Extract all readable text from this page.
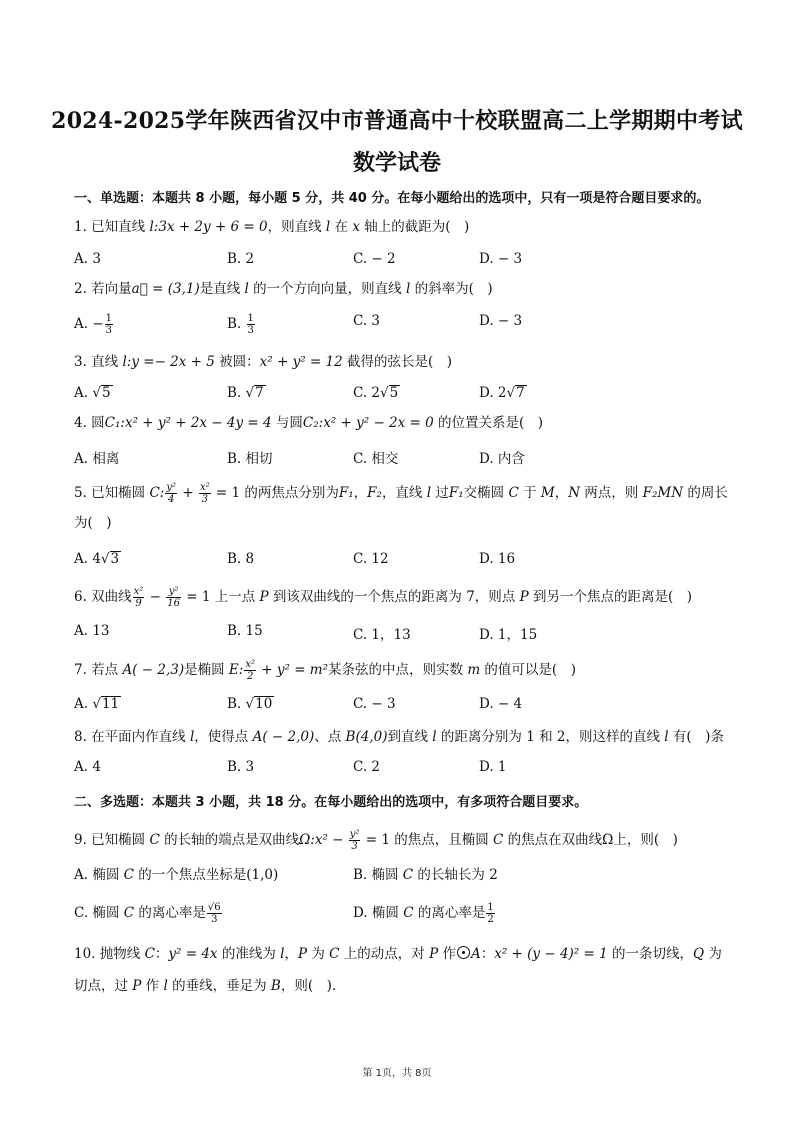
2024-2025学年陕西省汉中市普通高中十校联盟高二上学期期中考试
数学试卷
一、单选题：本题共 8 小题，每小题 5 分，共 40 分。在每小题给出的选项中，只有一项是符合题目要求的。
1. 已知直线 l:3x + 2y + 6 = 0，则直线 l 在 x 轴上的截距为(　)
A. 3	B. 2	C. − 2	D. − 3
2. 若向量a⃗ = (3,1)是直线 l 的一个方向向量，则直线 l 的斜率为(　)
A. − $\frac{1}{3}$	B. $\frac{1}{3}$	C. 3	D. − 3
3. 直线 l:y =− 2x + 5 被圆：x² + y² = 12 截得的弦长是(　)
A. √5	B. √7	C. 2√5	D. 2√7
4. 圆C₁:x² + y² + 2x − 4y = 4 与圆C₂:x² + y² − 2x = 0 的位置关系是(　)
A. 相离	B. 相切	C. 相交	D. 内含
5. 已知椭圆 C: $\frac{\text{y²}}{4} + \frac{\text{x²}}{3} = 1$ 的两焦点分别为F₁，F₂，直线 l 过F₁交椭圆 C 于 M，N 两点，则 F₂MN 的周长为(　)
A. 4√3	B. 8	C. 12	D. 16
6. 双曲线 $\frac{\text{x²}}{9} - \frac{\text{y²}}{16} = 1$ 上一点 P 到该双曲线的一个焦点的距离为 7，则点 P 到另一个焦点的距离是(　)
A. 13	B. 15	C. 1，13	D. 1，15
7. 若点 A( − 2,3)是椭圆 E: $\frac{\text{x²}}{2} + y^2 = m^2$某条弦的中点，则实数 m 的值可以是(　)
A. √11	B. √10	C. − 3	D. − 4
8. 在平面内作直线 l，使得点 A( − 2,0)、点 B(4,0)到直线 l 的距离分别为 1 和 2，则这样的直线 l 有(　)条
A. 4	B. 3	C. 2	D. 1
二、多选题：本题共 3 小题，共 18 分。在每小题给出的选项中，有多项符合题目要求。
9. 已知椭圆 C 的长轴的端点是双曲线Ω:x² − $\frac{\text{y²}}{3} = 1$ 的焦点，且椭圆 C 的焦点在双曲线Ω上，则(　)
A. 椭圆 C 的一个焦点坐标是(1,0)	B. 椭圆 C 的长轴长为 2
C. 椭圆 C 的离心率是 $\frac{√6}{3}$	D. 椭圆 C 的离心率是 $\frac{1}{2}$
10. 抛物线 C：y² = 4x 的准线为 l，P 为 C 上的动点，对 P 作 A：x² + (y − 4)² = 1 的一条切线，Q 为切点，过 P 作 l 的垂线，垂足为 B，则(　).
第 1页，共 8页
